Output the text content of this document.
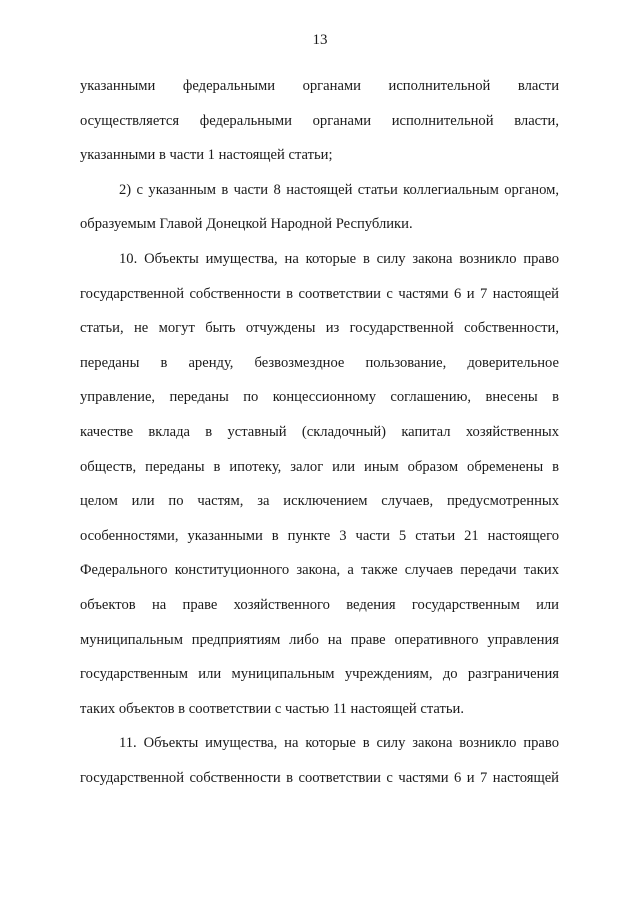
13
указанными федеральными органами исполнительной власти
осуществляется федеральными органами исполнительной власти,
указанными в части 1 настоящей статьи;
2) с указанным в части 8 настоящей статьи коллегиальным органом,
образуемым Главой Донецкой Народной Республики.
10. Объекты имущества, на которые в силу закона возникло право
государственной собственности в соответствии с частями 6 и 7 настоящей
статьи, не могут быть отчуждены из государственной собственности,
переданы в аренду, безвозмездное пользование, доверительное
управление, переданы по концессионному соглашению, внесены в
качестве вклада в уставный (складочный) капитал хозяйственных
обществ, переданы в ипотеку, залог или иным образом обременены в
целом или по частям, за исключением случаев, предусмотренных
особенностями, указанными в пункте 3 части 5 статьи 21 настоящего
Федерального конституционного закона, а также случаев передачи таких
объектов на праве хозяйственного ведения государственным или
муниципальным предприятиям либо на праве оперативного управления
государственным или муниципальным учреждениям, до разграничения
таких объектов в соответствии с частью 11 настоящей статьи.
11. Объекты имущества, на которые в силу закона возникло право
государственной собственности в соответствии с частями 6 и 7 настоящей
